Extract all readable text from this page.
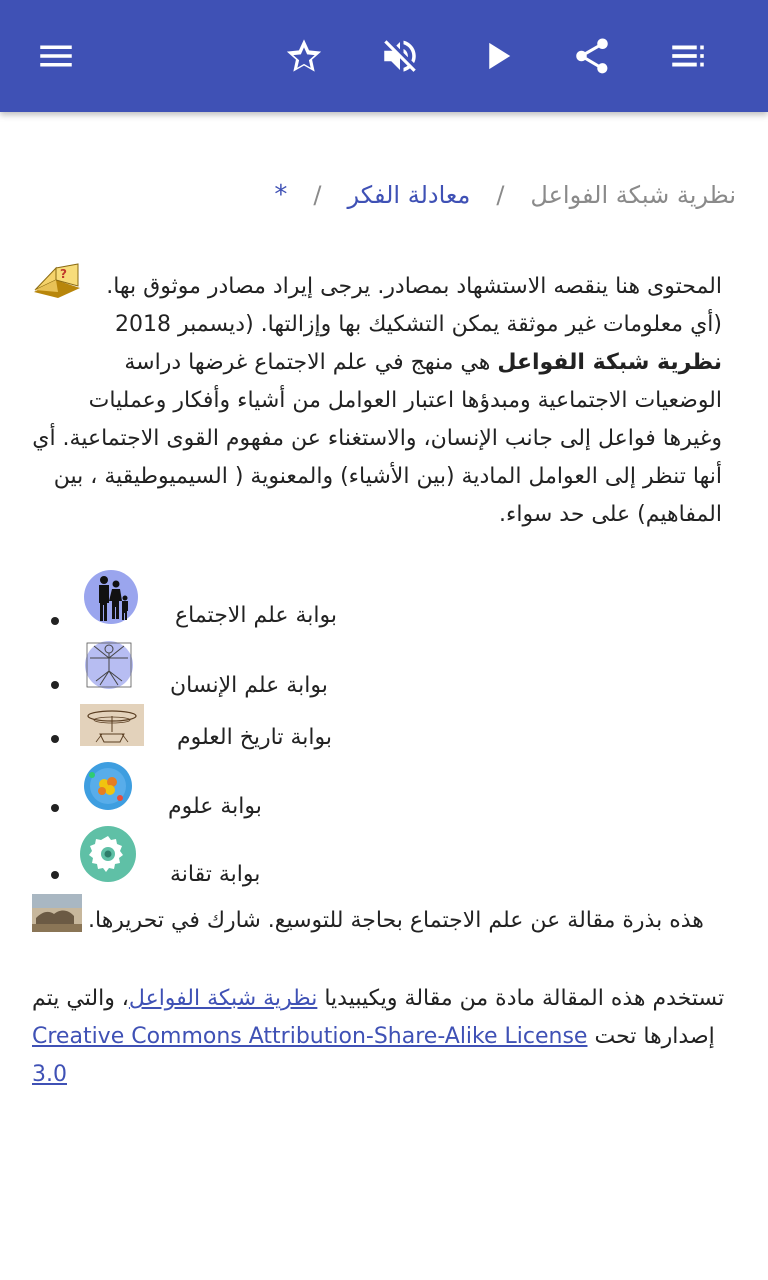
نظرية شبكة الفواعل/معادلة الفكر/*
?	المحتوى هنا ينقصه الاستشهاد بمصادر. يرجى إيراد مصادر موثوق بها.
(أي معلومات غير موثقة يمكن التشكيك بها وإزالتها. (ديسمبر 2018
نظرية شبكة الفواعل هي منهج في علم الاجتماع غرضها دراسة الوضعيات الاجتماعية ومبدؤها اعتبار العوامل من أشياء وأفكار وعمليات وغيرها فواعل إلى جانب الإنسان، والاستغناء عن مفهوم القوى الاجتماعية. أي أنها تنظر إلى العوامل المادية (بين الأشياء) والمعنوية ( السيميوطيقية ، بين المفاهيم) على حد سواء.
بوابة علم الاجتماع
بوابة علم الإنسان
بوابة تاريخ العلوم
بوابة علوم
بوابة تقانة
هذه بذرة مقالة عن علم الاجتماع بحاجة للتوسيع. شارك في تحريرها.
تستخدم هذه المقالة مادة من مقالة ويكيبيديا نظرية شبكة الفواعل، والتي يتم إصدارها تحت Creative Commons Attribution-Share-Alike License 3.0
